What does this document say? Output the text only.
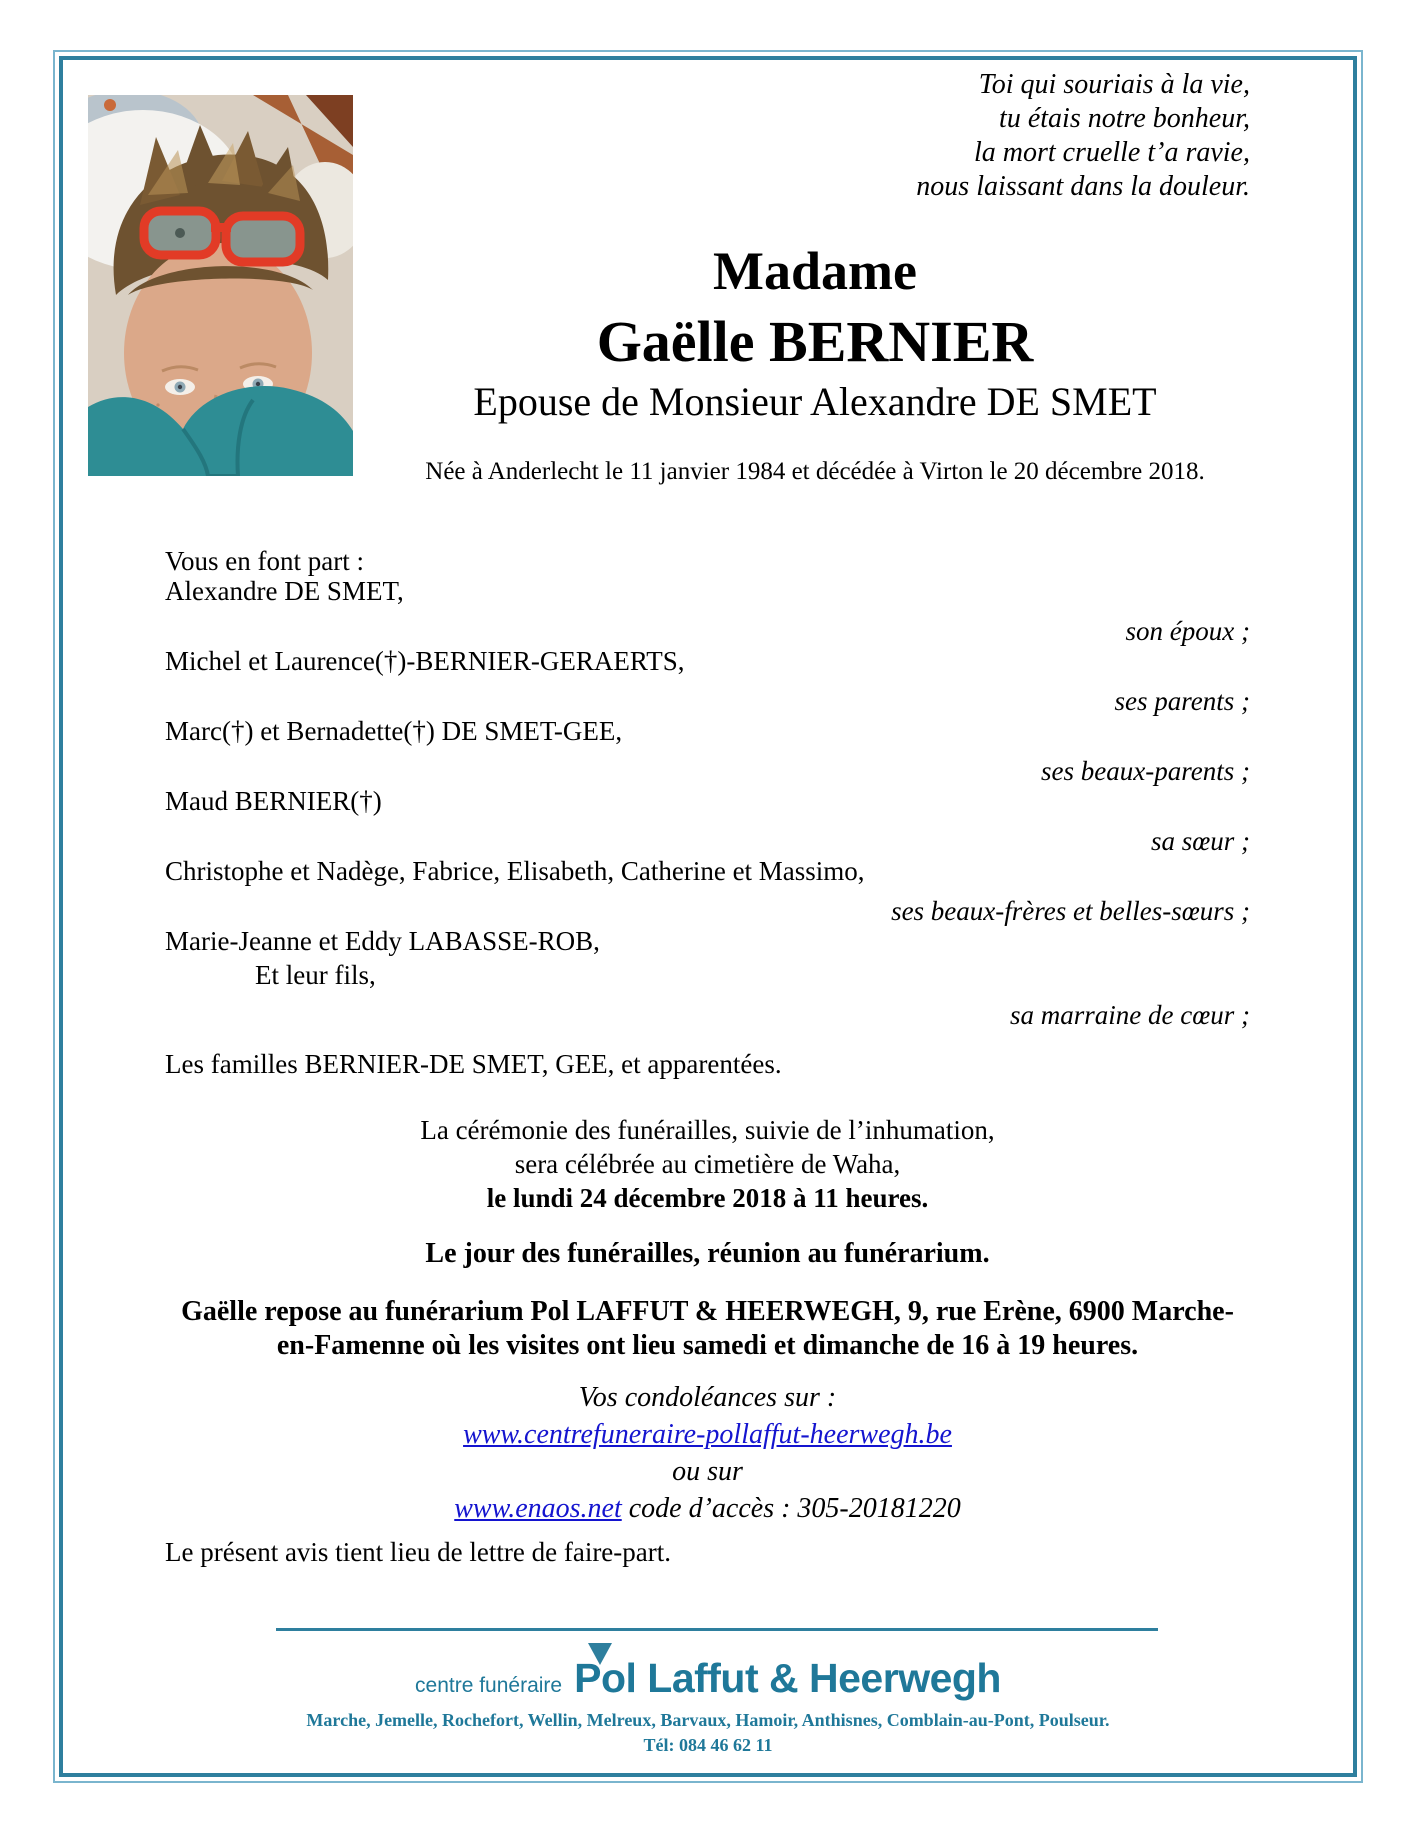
Toi qui souriais à la vie,
tu étais notre bonheur,
la mort cruelle t’a ravie,
nous laissant dans la douleur.
Madame
Gaëlle BERNIER
Epouse de Monsieur Alexandre DE SMET
Née à Anderlecht le 11 janvier 1984 et décédée à Virton le 20 décembre 2018.
Vous en font part :
Alexandre DE SMET,
son époux ;
Michel et Laurence(†)-BERNIER-GERAERTS,
ses parents ;
Marc(†) et Bernadette(†) DE SMET-GEE,
ses beaux-parents ;
Maud BERNIER(†)
sa sœur ;
Christophe et Nadège, Fabrice, Elisabeth, Catherine et Massimo,
ses beaux-frères et belles-sœurs ;
Marie-Jeanne et Eddy LABASSE-ROB,
Et leur fils,
sa marraine de cœur ;
Les familles BERNIER-DE SMET, GEE, et apparentées.
La cérémonie des funérailles, suivie de l’inhumation,
sera célébrée au cimetière de Waha,
le lundi 24 décembre 2018 à 11 heures.
Le jour des funérailles, réunion au funérarium.
Gaëlle repose au funérarium Pol LAFFUT & HEERWEGH, 9, rue Erène, 6900 Marche-
en-Famenne où les visites ont lieu samedi et dimanche de 16 à 19 heures.
Vos condoléances sur :
www.centrefuneraire-pollaffut-heerwegh.be
ou sur
www.enaos.net code d’accès : 305-20181220
Le présent avis tient lieu de lettre de faire-part.
centre funéraire Pol Laffut & Heerwegh
Marche, Jemelle, Rochefort, Wellin, Melreux, Barvaux, Hamoir, Anthisnes, Comblain-au-Pont, Poulseur.
Tél: 084 46 62 11
